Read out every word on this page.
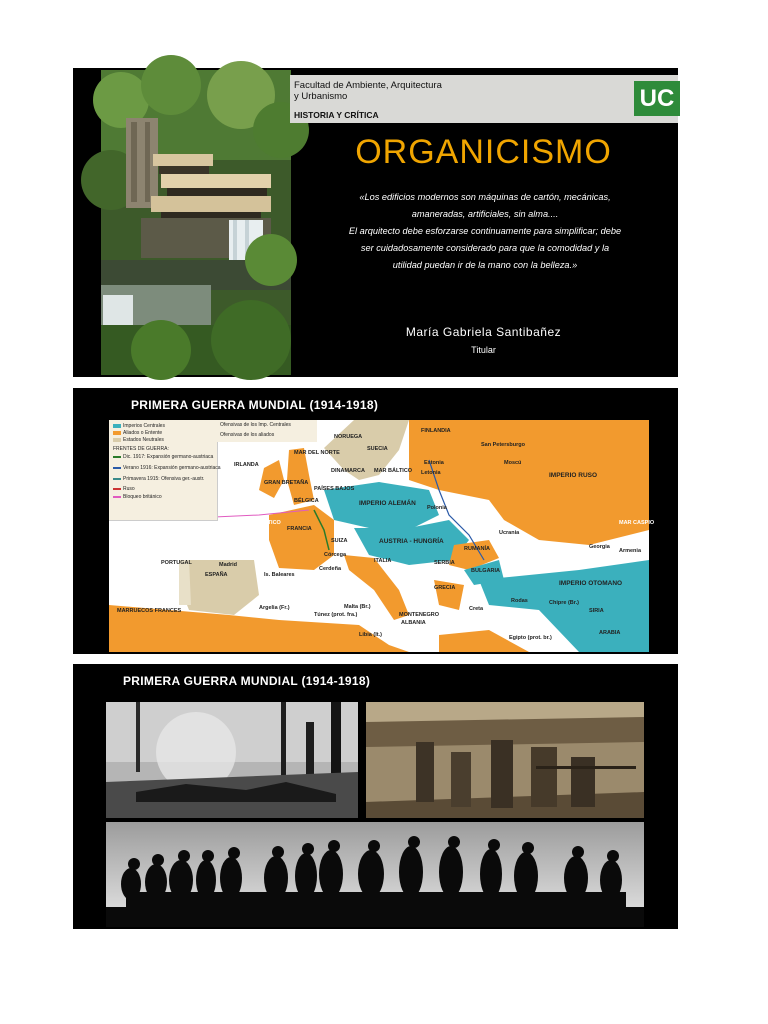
Facultad de Ambiente, Arquitectura
y Urbanismo
HISTORIA Y CRÍTICA
UC
ORGANICISMO
«Los edificios modernos son máquinas de cartón, mecánicas,
amaneradas, artificiales, sin alma....
El arquitecto debe esforzarse continuamente para simplificar; debe
ser cuidadosamente considerado para que la comodidad y la
utilidad puedan ir de la mano con la belleza.»
María Gabriela Santibañez
Titular
PRIMERA GUERRA MUNDIAL (1914-1918)
Imperios Centrales
Aliados o Entente
Estados Neutrales
FRENTES DE GUERRA:
Dic. 1917: Expansión germano-austriaca
Verano 1916: Expansión germano-austriaca
Primavera 1915: Ofensiva ger.-austr.
Ruso
Bloqueo británico
Ofensivas de los Imp. Centrales
Ofensivas de los aliados
Participación de EEUU (6.4.1917 a 11.11.1918)
NORUEGA
FINLANDIA
SUECIA
San Petersburgo
MAR DEL NORTE
IRLANDA
GRAN BRETAÑA
DINAMARCA MAR BÁLTICO
Estonia
Letonia
Moscú
IMPERIO RUSO
BÉLGICA
PAÍSES BAJOS
IMPERIO ALEMÁN
Polonia
FRANCIA
OCÉANO ATLÁNTICO
SUIZA	AUSTRIA - HUNGRÍA
Ucrania
RUMANÍA
MAR NEGRO
MAR CASPIO
Georgia
Armenia
PORTUGAL
ESPAÑA
Madrid
Is. Baleares
Cerdeña
Córcega
ITALIA	SERBIA
BULGARIA
GRECIA
MONTENEGRO
ALBANIA
IMPERIO OTOMANO
MARRUECOS FRANCES	Argelia (Fr.)
Túnez (prot. fra.)
Malta (Br.)
Libia (It.)
Creta
Rodas	Chipre (Br.)
SIRIA
MAR MEDITERRÁNEO
Egipto (prot. br.)
ARABIA
PRIMERA GUERRA MUNDIAL (1914-1918)
